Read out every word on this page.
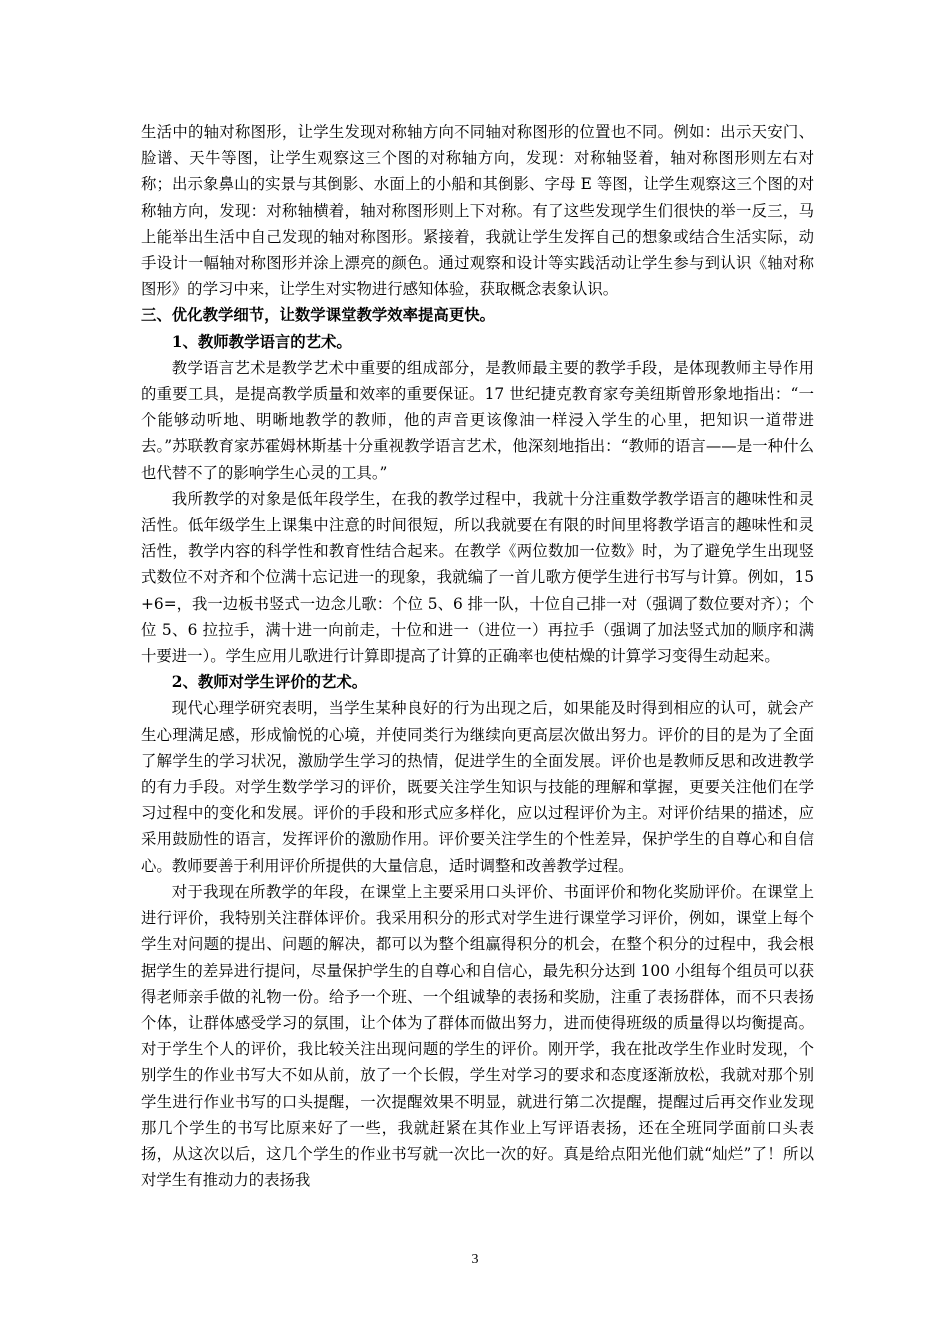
生活中的轴对称图形，让学生发现对称轴方向不同轴对称图形的位置也不同。例如：出示天安门、脸谱、天牛等图，让学生观察这三个图的对称轴方向，发现：对称轴竖着，轴对称图形则左右对称；出示象鼻山的实景与其倒影、水面上的小船和其倒影、字母 E 等图，让学生观察这三个图的对称轴方向，发现：对称轴横着，轴对称图形则上下对称。有了这些发现学生们很快的举一反三，马上能举出生活中自己发现的轴对称图形。紧接着，我就让学生发挥自己的想象或结合生活实际，动手设计一幅轴对称图形并涂上漂亮的颜色。通过观察和设计等实践活动让学生参与到认识《轴对称图形》的学习中来，让学生对实物进行感知体验，获取概念表象认识。

三、优化教学细节，让数学课堂教学效率提高更快。

1、教师教学语言的艺术。

教学语言艺术是教学艺术中重要的组成部分，是教师最主要的教学手段，是体现教师主导作用的重要工具，是提高教学质量和效率的重要保证。17 世纪捷克教育家夸美纽斯曾形象地指出：“一个能够动听地、明晰地教学的教师，他的声音更该像油一样浸入学生的心里，把知识一道带进去。”苏联教育家苏霍姆林斯基十分重视教学语言艺术，他深刻地指出：“教师的语言——是一种什么也代替不了的影响学生心灵的工具。”

我所教学的对象是低年段学生，在我的教学过程中，我就十分注重数学教学语言的趣味性和灵活性。低年级学生上课集中注意的时间很短，所以我就要在有限的时间里将教学语言的趣味性和灵活性，教学内容的科学性和教育性结合起来。在教学《两位数加一位数》时，为了避免学生出现竖式数位不对齐和个位满十忘记进一的现象，我就编了一首儿歌方便学生进行书写与计算。例如，15+6=，我一边板书竖式一边念儿歌：个位 5、6 排一队，十位自己排一对（强调了数位要对齐）；个位 5、6 拉拉手，满十进一向前走，十位和进一（进位一）再拉手（强调了加法竖式加的顺序和满十要进一）。学生应用儿歌进行计算即提高了计算的正确率也使枯燥的计算学习变得生动起来。

2、教师对学生评价的艺术。

现代心理学研究表明，当学生某种良好的行为出现之后，如果能及时得到相应的认可，就会产生心理满足感，形成愉悦的心境，并使同类行为继续向更高层次做出努力。评价的目的是为了全面了解学生的学习状况，激励学生学习的热情，促进学生的全面发展。评价也是教师反思和改进教学的有力手段。对学生数学学习的评价，既要关注学生知识与技能的理解和掌握，更要关注他们在学习过程中的变化和发展。评价的手段和形式应多样化，应以过程评价为主。对评价结果的描述，应采用鼓励性的语言，发挥评价的激励作用。评价要关注学生的个性差异，保护学生的自尊心和自信心。教师要善于利用评价所提供的大量信息，适时调整和改善教学过程。

对于我现在所教学的年段，在课堂上主要采用口头评价、书面评价和物化奖励评价。在课堂上进行评价，我特别关注群体评价。我采用积分的形式对学生进行课堂学习评价，例如，课堂上每个学生对问题的提出、问题的解决，都可以为整个组赢得积分的机会，在整个积分的过程中，我会根据学生的差异进行提问，尽量保护学生的自尊心和自信心，最先积分达到 100 小组每个组员可以获得老师亲手做的礼物一份。给予一个班、一个组诚挚的表扬和奖励，注重了表扬群体，而不只表扬个体，让群体感受学习的氛围，让个体为了群体而做出努力，进而使得班级的质量得以均衡提高。对于学生个人的评价，我比较关注出现问题的学生的评价。刚开学，我在批改学生作业时发现，个别学生的作业书写大不如从前，放了一个长假，学生对学习的要求和态度逐渐放松，我就对那个别学生进行作业书写的口头提醒，一次提醒效果不明显，就进行第二次提醒，提醒过后再交作业发现那几个学生的书写比原来好了一些，我就赶紧在其作业上写评语表扬，还在全班同学面前口头表扬，从这次以后，这几个学生的作业书写就一次比一次的好。真是给点阳光他们就“灿烂”了！所以对学生有推动力的表扬我

3
